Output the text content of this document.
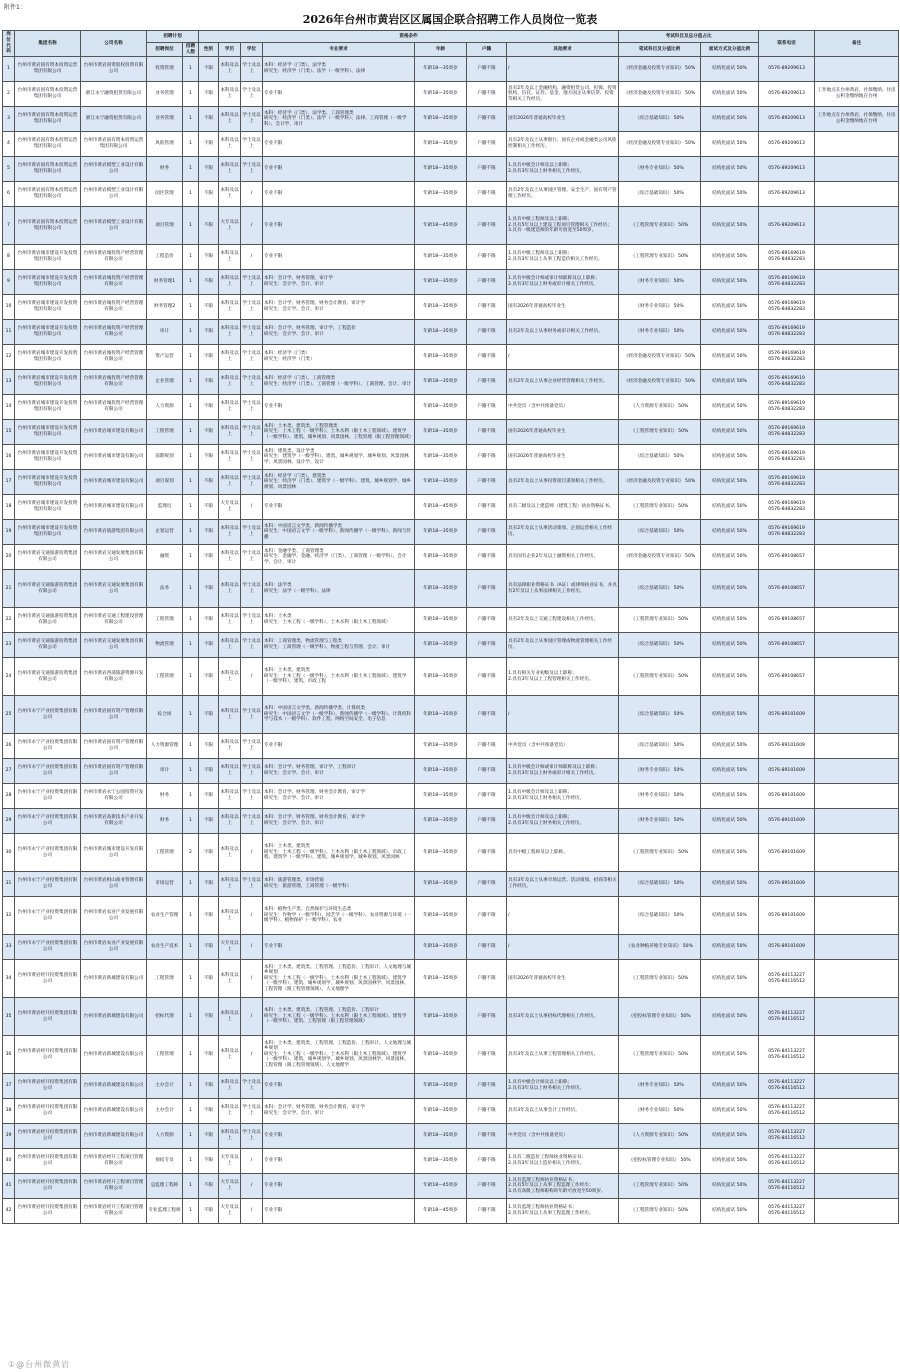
附件1：
2026年台州市黄岩区区属国企联合招聘工作人员岗位一览表
岗位代码	集团名称	公司名称	招聘计划		资格条件							考试科目及总分值占比		联系电话	备注
			招聘岗位	招聘人数	性别	学历	学位	专业要求	年龄	户籍	其他要求	笔试科目及分值比例	面试方式及分值比例		
1	台州市黄岩国有资本投资运营集团有限公司	台州市黄岩国资股权投资有限公司	投资管理	1	不限	本科及以上	学士及以上	本科：经济学（门类）、法学类
研究生：经济学（门类）、法学（一级学科）、法律	年龄18—35周岁	户籍不限	/	《经济金融及投资专业知识》 50%	结构化面试 50%	0576-89209613	
2	台州市黄岩国有资本投资运营集团有限公司	浙江永宁融资租赁有限公司	业务管理	1	不限	本科及以上	学士及以上	专业不限	年龄18—35周岁	户籍不限	具有2年及以上金融机构、融资租赁公司、担保、投资机构、信托、证券、基金、地方国企从事信贷、投资等相关工作经历。	《经济金融及投资专业知识》 50%	结构化面试 50%	0576-89209613	工作地点在台州黄岩，社保缴纳、住房公积金缴纳地在台州
3	台州市黄岩国有资本投资运营集团有限公司	浙江永宁融资租赁有限公司	业务管理	1	不限	本科及以上	学士及以上	本科：经济学（门类）、法学类、工商管理类
研究生：经济学（门类）、法学（一级学科）、法律、工商管理（一级学科）、会计学、审计	年龄18—35周岁	户籍不限	国有2026年普通高校毕业生	《综合基础知识》 50%	结构化面试 50%	0576-89209613	工作地点在台州黄岩，社保缴纳、住房公积金缴纳地在台州
4	台州市黄岩国有资本投资运营集团有限公司	台州市黄岩国有资本投资运营集团有限公司	风险管理	1	不限	本科及以上	学士及以上	专业不限	年龄18—35周岁	户籍不限	具有2年及以上从事银行、国有企业或金融类公司风险控制相关工作经历。	《经济金融及投资专业知识》 50%	结构化面试 50%	0576-89209613	
5	台州市黄岩国有资本投资运营集团有限公司	台州市黄岩模塑工业设计有限公司	财务	1	不限	本科及以上	学士及以上	专业不限	年龄18—35周岁	户籍不限	1.具有中级会计师及以上职称；
2.具有3年及以上财务相关工作经历。	《财务专业知识》 50%	结构化面试 50%	0576-89209613	
6	台州市黄岩国有资本投资运营集团有限公司	台州市黄岩模塑工业设计有限公司	园区管理	1	不限	本科及以上	/	专业不限	年龄18—35周岁	户籍不限	具有2年及以上从事园区管理、安全生产、国有资产管理工作经历。	《综合基础知识》 50%	结构化面试 50%	0576-89209613	
7	台州市黄岩国有资本投资运营集团有限公司	台州市黄岩模塑工业设计有限公司	项目管理	1	不限	大专及以上	/	专业不限	年龄18—45周岁	户籍不限	1.具有中级工程师及以上职称；
2.具有5年及以上建设工程项目管理相关工作经历；
3.具有一级建造师的年龄可放宽至50周岁。	《工程管理专业知识》 50%	结构化面试 50%	0576-89209613	
8	台州市黄岩城市建设开发投资集团有限公司	台州市黄岩城投资产经营管理有限公司	工程造价	1	不限	本科及以上	/	专业不限	年龄18—35周岁	户籍不限	1.具有中级工程师及以上职称；
2.具有3年及以上从事工程造价相关工作经历。	《工程管理专业知识》 50%	结构化面试 50%	0576-89169619
0576-84832283	
9	台州市黄岩城市建设开发投资集团有限公司	台州市黄岩城投资产经营管理有限公司	财务管理1	1	不限	本科及以上	学士及以上	本科：会计学、财务管理、审计学
研究生：会计学、会计、审计	年龄18—35周岁	户籍不限	1.具有中级会计师或审计师职称及以上职称；
2.具有3年及以上财务或审计相关工作经历。	《财务专业知识》 50%	结构化面试 50%	0576-89169619
0576-84832283	
10	台州市黄岩城市建设开发投资集团有限公司	台州市黄岩城投资产经营管理有限公司	财务管理2	1	不限	本科及以上	学士及以上	本科：会计学、财务管理、财务会计教育、审计学
研究生：会计学、会计、审计	年龄18—35周岁	户籍不限	国有2026年普通高校毕业生	《财务专业知识》 50%	结构化面试 50%	0576-89169619
0576-84832283	
11	台州市黄岩城市建设开发投资集团有限公司	台州市黄岩城投资产经营管理有限公司	审计	1	不限	本科及以上	学士及以上	本科：会计学、财务管理、审计学、工程造价
研究生：会计学、会计、审计	年龄18—35周岁	户籍不限	具有2年及以上从事财务或审计相关工作经历。	《财务专业知识》 50%	结构化面试 50%	0576-89169619
0576-84832283	
12	台州市黄岩城市建设开发投资集团有限公司	台州市黄岩城投资产经营管理有限公司	资产运营	1	不限	本科及以上	学士及以上	本科：经济学（门类）
研究生：经济学（门类）	年龄18—35周岁	户籍不限	/	《经济金融及投资专业知识》 50%	结构化面试 50%	0576-89169619
0576-84832283	
13	台州市黄岩城市建设开发投资集团有限公司	台州市黄岩城投资产经营管理有限公司	企业管理	1	不限	本科及以上	学士及以上	本科：经济学（门类）、工商管理类
研究生：经济学（门类）、工商管理（一级学科）、工商管理、会计、审计	年龄18—35周岁	户籍不限	具有2年及以上从事企业经营管理相关工作经历。	《经济金融及投资专业知识》 50%	结构化面试 50%	0576-89169619
0576-84832283	
14	台州市黄岩城市建设开发投资集团有限公司	台州市黄岩城投资产经营管理有限公司	人力资源	1	不限	本科及以上	学士及以上	专业不限	年龄18—35周岁	户籍不限	中共党员（含中共预备党员）	《人力资源专业知识》 50%	结构化面试 50%	0576-89169619
0576-84832283	
15	台州市黄岩城市建设开发投资集团有限公司	台州市黄岩城市建设有限公司	工程管理	1	不限	本科及以上	学士及以上	本科：土木类、建筑类、工程管理类
研究生：土木工程（一级学科）、土木水利（限土木工程领域）、建筑学（一级学科）、建筑、城乡规划、风景园林、工程管理（限工程管理领域）	年龄18—35周岁	户籍不限	国有2026年普通高校毕业生	《工程管理专业知识》 50%	结构化面试 50%	0576-89169619
0576-84832283	
16	台州市黄岩城市建设开发投资集团有限公司	台州市黄岩城市建设有限公司	前期规划	1	不限	本科及以上	学士及以上	本科：建筑类、设计学类
研究生：建筑学（一级学科）、建筑、城乡规划学、城乡规划、风景园林学、风景园林、设计学、设计	年龄18—35周岁	户籍不限	国有2026年普通高校毕业生	《综合基础知识》 50%	结构化面试 50%	0576-89169619
0576-84832283	
17	台州市黄岩城市建设开发投资集团有限公司	台州市黄岩城市建设有限公司	项目谋划	1	不限	本科及以上	学士及以上	本科：经济学（门类）、建筑类
研究生：经济学（门类）、建筑学（一级学科）、建筑、城乡规划学、城乡规划、风景园林	年龄18—35周岁	户籍不限	具有2年及以上从事投资项目谋划相关工作经历。	《经济金融及投资专业知识》 50%	结构化面试 50%	0576-89169619
0576-84832283	
18	台州市黄岩城市建设开发投资集团有限公司	台州市黄岩城市建设有限公司	监理员	1	不限	大专及以上	/	专业不限	年龄18—45周岁	户籍不限	具有二级及以上建造师（建筑工程）执业资格证书。	《工程管理专业知识》 50%	结构化面试 50%	0576-89169619
0576-84832283	
19	台州市黄岩城市建设开发投资集团有限公司	台州市黄岩旅游集团有限公司	企划运营	1	不限	本科及以上	学士及以上	本科：中国语言文学类、新闻传播学类
研究生：中国语言文学（一级学科）、新闻传播学（一级学科）、新闻与传播	年龄18—35周岁	户籍不限	具有2年及以上从事活动策划、企划运营相关工作经历。	《综合基础知识》 50%	结构化面试 50%	0576-89169619
0576-84832283	
20	台州市黄岩交通旅游投资集团有限公司	台州市黄岩交通发展集团有限公司	融资	1	不限	本科及以上	学士及以上	本科：金融学类、工商管理类
研究生：金融学、金融、经济学（门类）、工商管理（一级学科）、会计学、会计、审计	年龄18—35周岁	户籍不限	具有国有企业2年及以上融资相关工作经历。	《经济金融及投资专业知识》 50%	结构化面试 50%	0576-89108657	
21	台州市黄岩交通旅游投资集团有限公司	台州市黄岩交通发展集团有限公司	法务	1	不限	本科及以上	学士及以上	本科：法学类
研究生：法学（一级学科）、法律	年龄18—35周岁	户籍不限	具有法律职业资格证书（A证）或律师执业证书，并具有2年及以上从事法律相关工作经历。	《综合基础知识》 50%	结构化面试 50%	0576-89108657	
22	台州市黄岩交通旅游投资集团有限公司	台州市黄岩交通工程建设管理有限公司	工程管理	1	不限	本科及以上	学士及以上	本科：土木类
研究生：土木工程（一级学科）、土木水利（限土木工程领域）	年龄18—35周岁	户籍不限	具有2年及以上交通工程建设相关工作经历。	《工程管理专业知识》 50%	结构化面试 50%	0576-89108657	
23	台州市黄岩交通旅游投资集团有限公司	台州市黄岩交通发展集团有限公司	物流管理	1	不限	本科及以上	学士及以上	本科：工商管理类、物流管理与工程类
研究生：工商管理（一级学科）、物流工程与管理、会计、审计	年龄18—35周岁	户籍不限	具有2年及以上从事园区管理或物流管理相关工作经历。	《综合基础知识》 50%	结构化面试 50%	0576-89108657	
24	台州市黄岩交通旅游投资集团有限公司	台州市黄岩西部旅游资源开发有限公司	工程管理	1	不限	本科及以上	/	本科：土木类、建筑类
研究生：土木工程（一级学科）、土木水利（限土木工程领域）、建筑学（一级学科）、建筑、市政工程	年龄18—35周岁	户籍不限	1.具有相关专业初级及以上职称；
2.具有3年及以上工程管理相关工作经历。	《工程管理专业知识》 50%	结构化面试 50%	0576-89108657	
25	台州市永宁产业投资集团有限公司	台州市黄岩国有资产管理有限公司	综合岗	1	不限	本科及以上	学士及以上	本科：中国语言文学类、新闻传播学类、计算机类
研究生：中国语言文学（一级学科）、新闻传播学（一级学科）、计算机科学与技术（一级学科）、软件工程、网络空间安全、电子信息	年龄18—35周岁	户籍不限	/	《综合基础知识》 50%	结构化面试 50%	0576-89101609	
26	台州市永宁产业投资集团有限公司	台州市黄岩国有资产管理有限公司	人力资源管理	1	不限	本科及以上	学士及以上	专业不限	年龄18—35周岁	户籍不限	中共党员（含中共预备党员）	《综合基础知识》 50%	结构化面试 50%	0576-89101609	
27	台州市永宁产业投资集团有限公司	台州市黄岩国有资产管理有限公司	审计	1	不限	本科及以上	学士及以上	本科：会计学、财务管理、审计学、工程审计
研究生：会计学、会计、审计	年龄18—35周岁	户籍不限	1.具有中级会计师或审计师职称及以上职称；
2.具有3年及以上财务或审计相关工作经历。	《财务专业知识》 50%	结构化面试 50%	0576-89101609	
28	台州市永宁产业投资集团有限公司	台州市黄岩永宁公园投资开发有限公司	财务	1	不限	本科及以上	学士及以上	本科：会计学、财务管理、财务会计教育、审计学
研究生：会计学、会计、审计	年龄18—35周岁	户籍不限	1.具有中级会计师及以上职称；
2.具有3年及以上财务相关工作经历。	《财务专业知识》 50%	结构化面试 50%	0576-89101609	
29	台州市永宁产业投资集团有限公司	台州市黄岩高新技术产业开发有限公司	财务	1	不限	本科及以上	学士及以上	本科：会计学、财务管理、财务会计教育、审计学
研究生：会计学、会计、审计	年龄18—35周岁	户籍不限	1.具有中级会计师及以上职称；
2.具有3年及以上财务相关工作经历。	《财务专业知识》 50%	结构化面试 50%	0576-89101609	
30	台州市永宁产业投资集团有限公司	台州市黄岩城市建设开发有限公司	工程管理	2	不限	本科及以上	/	本科：土木类、建筑类
研究生：土木工程（一级学科）、土木水利（限土木工程领域）、市政工程、建筑学（一级学科）、建筑、城乡规划学、城乡规划、风景园林	年龄18—35周岁	户籍不限	具有中级工程师及以上职称。	《工程管理专业知识》 50%	结构化面试 50%	0576-89101609	
31	台州市永宁产业投资集团有限公司	台州市黄岩柑山商业管理有限公司	市场运营	1	不限	本科及以上	学士及以上	本科：旅游管理类、市场营销
研究生：旅游管理、工商管理（一级学科）	年龄18—35周岁	户籍不限	具有3年及以上从事市场运营、活动策划、招商等相关工作经历。	《综合基础知识》 50%	结构化面试 50%	0576-89101609	
32	台州市永宁产业投资集团有限公司	台州市黄岩农业产业发展有限公司	农业生产管理	1	不限	本科及以上	/	本科：植物生产类、自然保护与环境生态类
研究生：作物学（一级学科）、园艺学（一级学科）、农业资源与环境（一级学科）、植物保护（一级学科）、农业	年龄18—35周岁	户籍不限	/	《综合基础知识》 50%	结构化面试 50%	0576-89101609	
33	台州市永宁产业投资集团有限公司	台州市黄岩农业产业发展有限公司	农业生产技术	1	不限	大专及以上	/	专业不限	年龄18—35周岁	户籍不限	/	《农业种植养殖专业知识》 50%	结构化面试 50%	0576-89101609	
34	台州市黄岩经开投资集团有限公司	台州市黄岩新城建设有限公司	工程管理	1	不限	本科及以上	/	本科：土木类、建筑类、工程管理、工程造价、工程审计、人文地理与城乡规划
研究生：土木工程（一级学科）、土木水利（限土木工程领域）、建筑学（一级学科）、建筑、城乡规划学、城乡规划、风景园林学、风景园林、工程管理（限工程管理领域）、人文地理学	年龄18—35周岁	户籍不限	国有2026年普通高校毕业生	《工程管理专业知识》 50%	结构化面试 50%	0576-84113227
0576-84116512	
35	台州市黄岩经开投资集团有限公司	台州市黄岩新城建设有限公司	招标代理	1	不限	本科及以上	/	本科：土木类、建筑类、工程管理、工程造价、工程审计
研究生：土木工程（一级学科）、土木水利（限土木工程领域）、建筑学（一级学科）、建筑、工程管理（限工程管理领域）	年龄18—35周岁	户籍不限	具有3年及以上从事招标代理相关工作经历。	《招投标管理专业知识》 50%	结构化面试 50%	0576-84113227
0576-84116512	
36	台州市黄岩经开投资集团有限公司	台州市黄岩新城建设有限公司	工程管理	1	不限	本科及以上	/	本科：土木类、建筑类、工程管理、工程造价、工程审计、人文地理与城乡规划
研究生：土木工程（一级学科）、土木水利（限土木工程领域）、建筑学（一级学科）、建筑、城乡规划学、城乡规划、风景园林学、风景园林、工程管理（限工程管理领域）、人文地理学	年龄18—35周岁	户籍不限	具有3年及以上从事工程管理相关工作经历。	《工程管理专业知识》 50%	结构化面试 50%	0576-84113227
0576-84116512	
37	台州市黄岩经开投资集团有限公司	台州市黄岩新城建设有限公司	主办会计	1	不限	本科及以上	学士及以上	专业不限	年龄18—35周岁	户籍不限	1.具有中级会计师及以上职称；
2.具有3年及以上财务相关工作经历。	《财务专业知识》 50%	结构化面试 50%	0576-84113227
0576-84116512	
38	台州市黄岩经开投资集团有限公司	台州市黄岩新城建设有限公司	主办会计	1	不限	本科及以上	学士及以上	本科：会计学、财务管理、财务会计教育、审计学
研究生：会计学、会计、审计	年龄18—35周岁	户籍不限	具有3年及以上从事会计工作经历。	《财务专业知识》 50%	结构化面试 50%	0576-84113227
0576-84116512	
39	台州市黄岩经开投资集团有限公司	台州市黄岩新城建设有限公司	人力资源	1	不限	本科及以上	学士及以上	专业不限	年龄18—35周岁	户籍不限	中共党员（含中共预备党员）	《人力资源专业知识》 50%	结构化面试 50%	0576-84113227
0576-84116512	
40	台州市黄岩经开投资集团有限公司	台州市黄岩经开工程项目管理有限公司	预结专员	1	不限	大专及以上	/	专业不限	年龄18—35周岁	户籍不限	1.具有二级造价工程师执业资格证书；
2.具有3年及以上造价相关工作经历。	《招投标管理专业知识》 50%	结构化面试 50%	0576-84113227
0576-84116512	
41	台州市黄岩经开投资集团有限公司	台州市黄岩经开工程项目管理有限公司	总监理工程师	1	不限	大专及以上	/	专业不限	年龄18—45周岁	户籍不限	1.具有监理工程师执业资格证书；
2.具有5年及以上从事工程监理工作经历；
3.具有高级工程师职称的年龄可放宽至50周岁。	《工程管理专业知识》 50%	结构化面试 50%	0576-84113227
0576-84116512	
42	台州市黄岩经开投资集团有限公司	台州市黄岩经开工程项目管理有限公司	专业监理工程师	1	不限	大专及以上	/	专业不限	年龄18—45周岁	户籍不限	1.具有监理工程师执业资格证书；
2.具有3年及以上从事工程监理工作经历。	《工程管理专业知识》 50%	结构化面试 50%	0576-84113227
0576-84116512	
①@台州微黄岩
